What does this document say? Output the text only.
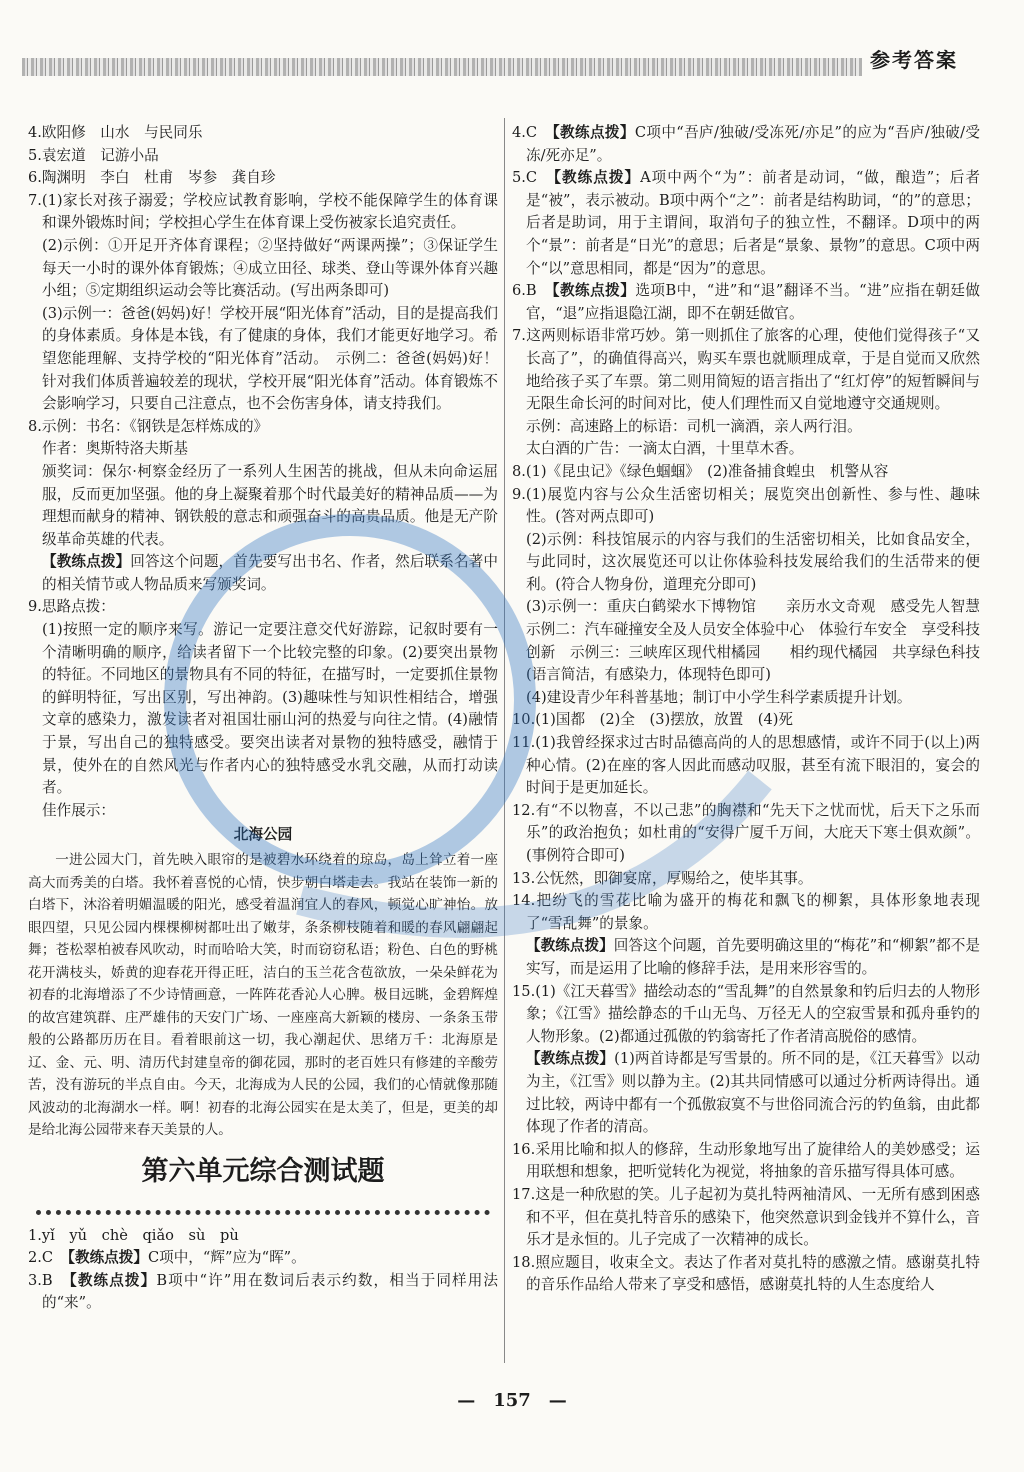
参考答案

4.欧阳修　山水　与民同乐

5.袁宏道　记游小品

6.陶渊明　李白　杜甫　岑参　龚自珍

7.(1)家长对孩子溺爱；学校应试教育影响，学校不能保障学生的体育课和课外锻炼时间；学校担心学生在体育课上受伤被家长追究责任。

(2)示例：①开足开齐体育课程；②坚持做好“两课两操”；③保证学生每天一小时的课外体育锻炼；④成立田径、球类、登山等课外体育兴趣小组；⑤定期组织运动会等比赛活动。(写出两条即可)

(3)示例一：爸爸(妈妈)好！学校开展“阳光体育”活动，目的是提高我们的身体素质。身体是本钱，有了健康的身体，我们才能更好地学习。希望您能理解、支持学校的“阳光体育”活动。　示例二：爸爸(妈妈)好！针对我们体质普遍较差的现状，学校开展“阳光体育”活动。体育锻炼不会影响学习，只要自己注意点，也不会伤害身体，请支持我们。

8.示例：书名：《钢铁是怎样炼成的》

作者：奥斯特洛夫斯基

颁奖词：保尔·柯察金经历了一系列人生困苦的挑战，但从未向命运屈服，反而更加坚强。他的身上凝聚着那个时代最美好的精神品质——为理想而献身的精神、钢铁般的意志和顽强奋斗的高贵品质。他是无产阶级革命英雄的代表。

【教练点拨】回答这个问题，首先要写出书名、作者，然后联系名著中的相关情节或人物品质来写颁奖词。

9.思路点拨：

(1)按照一定的顺序来写。游记一定要注意交代好游踪，记叙时要有一个清晰明确的顺序，给读者留下一个比较完整的印象。(2)要突出景物的特征。不同地区的景物具有不同的特征，在描写时，一定要抓住景物的鲜明特征，写出区别，写出神韵。(3)趣味性与知识性相结合，增强文章的感染力，激发读者对祖国壮丽山河的热爱与向往之情。(4)融情于景，写出自己的独特感受。要突出读者对景物的独特感受，融情于景，使外在的自然风光与作者内心的独特感受水乳交融，从而打动读者。

佳作展示：

北海公园

一进公园大门，首先映入眼帘的是被碧水环绕着的琼岛，岛上耸立着一座高大而秀美的白塔。我怀着喜悦的心情，快步朝白塔走去。我站在装饰一新的白塔下，沐浴着明媚温暖的阳光，感受着温润宜人的春风，顿觉心旷神怡。放眼四望，只见公园内棵棵柳树都吐出了嫩芽，条条柳枝随着和暖的春风翩翩起舞；苍松翠柏被春风吹动，时而哈哈大笑，时而窃窃私语；粉色、白色的野桃花开满枝头，娇黄的迎春花开得正旺，洁白的玉兰花含苞欲放，一朵朵鲜花为初春的北海增添了不少诗情画意，一阵阵花香沁人心脾。极目远眺，金碧辉煌的故宫建筑群、庄严雄伟的天安门广场、一座座高大新颖的楼房、一条条玉带般的公路都历历在目。看着眼前这一切，我心潮起伏、思绪万千：北海原是辽、金、元、明、清历代封建皇帝的御花园，那时的老百姓只有修建的辛酸劳苦，没有游玩的半点自由。今天，北海成为人民的公园，我们的心情就像那随风波动的北海湖水一样。啊！初春的北海公园实在是太美了，但是，更美的却是给北海公园带来春天美景的人。

第六单元综合测试题

1.yǐ　yǔ　chè　qiǎo　sù　pù

2.C　【教练点拨】C项中，“辉”应为“晖”。

3.B　【教练点拨】B项中“许”用在数词后表示约数，相当于同样用法的“来”。

4.C　【教练点拨】C项中“吾庐/独破/受冻死/亦足”的应为“吾庐/独破/受冻/死亦足”。

5.C　【教练点拨】A项中两个“为”：前者是动词，“做，酿造”；后者是“被”，表示被动。B项中两个“之”：前者是结构助词，“的”的意思；后者是助词，用于主谓间，取消句子的独立性，不翻译。D项中的两个“景”：前者是“日光”的意思；后者是“景象、景物”的意思。C项中两个“以”意思相同，都是“因为”的意思。

6.B　【教练点拨】选项B中，“进”和“退”翻译不当。“进”应指在朝廷做官，“退”应指退隐江湖，即不在朝廷做官。

7.这两则标语非常巧妙。第一则抓住了旅客的心理，使他们觉得孩子“又长高了”，的确值得高兴，购买车票也就顺理成章，于是自觉而又欣然地给孩子买了车票。第二则用简短的语言指出了“红灯停”的短暂瞬间与无限生命长河的时间对比，使人们理性而又自觉地遵守交通规则。

示例：高速路上的标语：司机一滴酒，亲人两行泪。

太白酒的广告：一滴太白酒，十里草木香。

8.(1)《昆虫记》《绿色蝈蝈》　(2)准备捕食蝗虫　机警从容

9.(1)展览内容与公众生活密切相关；展览突出创新性、参与性、趣味性。(答对两点即可)

(2)示例：科技馆展示的内容与我们的生活密切相关，比如食品安全，与此同时，这次展览还可以让你体验科技发展给我们的生活带来的便利。(符合人物身份，道理充分即可)

(3)示例一：重庆白鹤梁水下博物馆　　亲历水文奇观　感受先人智慧　示例二：汽车碰撞安全及人员安全体验中心　体验行车安全　享受科技创新　示例三：三峡库区现代柑橘园　　相约现代橘园　共享绿色科技(语言简洁，有感染力，体现特色即可)

(4)建设青少年科普基地；制订中小学生科学素质提升计划。

10.(1)国都　(2)全　(3)摆放，放置　(4)死

11.(1)我曾经探求过古时品德高尚的人的思想感情，或许不同于(以上)两种心情。(2)在座的客人因此而感动叹服，甚至有流下眼泪的，宴会的时间于是更加延长。

12.有“不以物喜，不以己悲”的胸襟和“先天下之忧而忧，后天下之乐而乐”的政治抱负；如杜甫的“安得广厦千万间，大庇天下寒士俱欢颜”。(事例符合即可)

13.公怃然，即御宴席，厚赐给之，使毕其事。

14.把纷飞的雪花比喻为盛开的梅花和飘飞的柳絮，具体形象地表现了“雪乱舞”的景象。

【教练点拨】回答这个问题，首先要明确这里的“梅花”和“柳絮”都不是实写，而是运用了比喻的修辞手法，是用来形容雪的。

15.(1)《江天暮雪》描绘动态的“雪乱舞”的自然景象和钓后归去的人物形象；《江雪》描绘静态的千山无鸟、万径无人的空寂雪景和孤舟垂钓的人物形象。(2)都通过孤傲的钓翁寄托了作者清高脱俗的感情。

【教练点拨】(1)两首诗都是写雪景的。所不同的是，《江天暮雪》以动为主，《江雪》则以静为主。(2)其共同情感可以通过分析两诗得出。通过比较，两诗中都有一个孤傲寂寞不与世俗同流合污的钓鱼翁，由此都体现了作者的清高。

16.采用比喻和拟人的修辞，生动形象地写出了旋律给人的美妙感受；运用联想和想象，把听觉转化为视觉，将抽象的音乐描写得具体可感。

17.这是一种欣慰的笑。儿子起初为莫扎特两袖清风、一无所有感到困惑和不平，但在莫扎特音乐的感染下，他突然意识到金钱并不算什么，音乐才是永恒的。儿子完成了一次精神的成长。

18.照应题目，收束全文。表达了作者对莫扎特的感激之情。感谢莫扎特的音乐作品给人带来了享受和感悟，感谢莫扎特的人生态度给人

—　157　—
